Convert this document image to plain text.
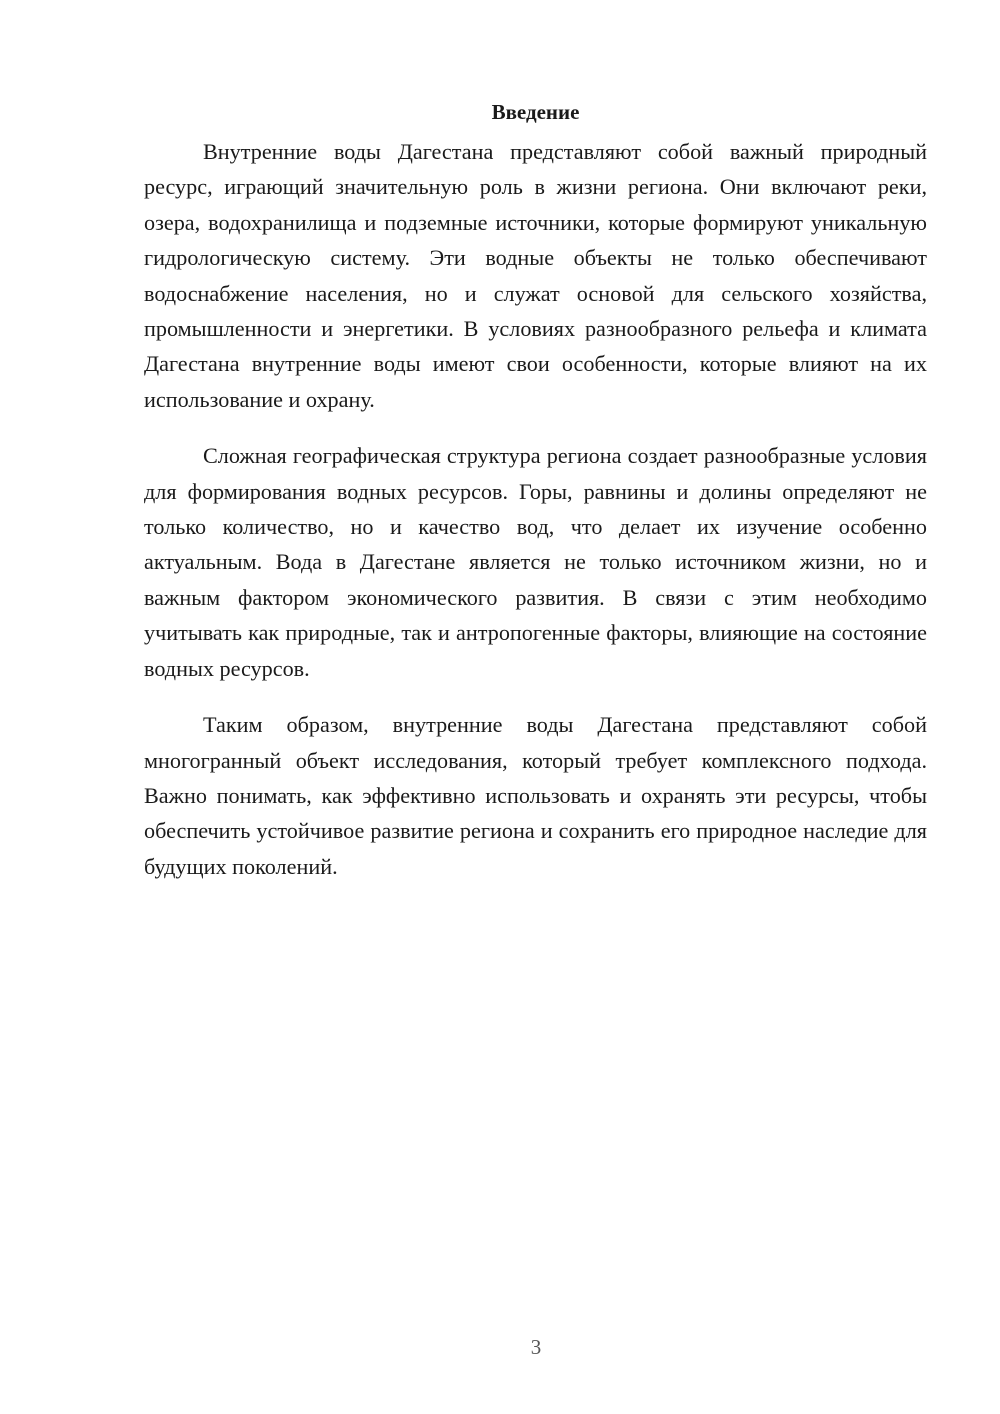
Введение

Внутренние воды Дагестана представляют собой важный природный ресурс, играющий значительную роль в жизни региона. Они включают реки, озера, водохранилища и подземные источники, которые формируют уникальную гидрологическую систему. Эти водные объекты не только обеспечивают водоснабжение населения, но и служат основой для сельского хозяйства, промышленности и энергетики. В условиях разнообразного рельефа и климата Дагестана внутренние воды имеют свои особенности, которые влияют на их использование и охрану.

Сложная географическая структура региона создает разнообразные условия для формирования водных ресурсов. Горы, равнины и долины определяют не только количество, но и качество вод, что делает их изучение особенно актуальным. Вода в Дагестане является не только источником жизни, но и важным фактором экономического развития. В связи с этим необходимо учитывать как природные, так и антропогенные факторы, влияющие на состояние водных ресурсов.

Таким образом, внутренние воды Дагестана представляют собой многогранный объект исследования, который требует комплексного подхода. Важно понимать, как эффективно использовать и охранять эти ресурсы, чтобы обеспечить устойчивое развитие региона и сохранить его природное наследие для будущих поколений.

3
